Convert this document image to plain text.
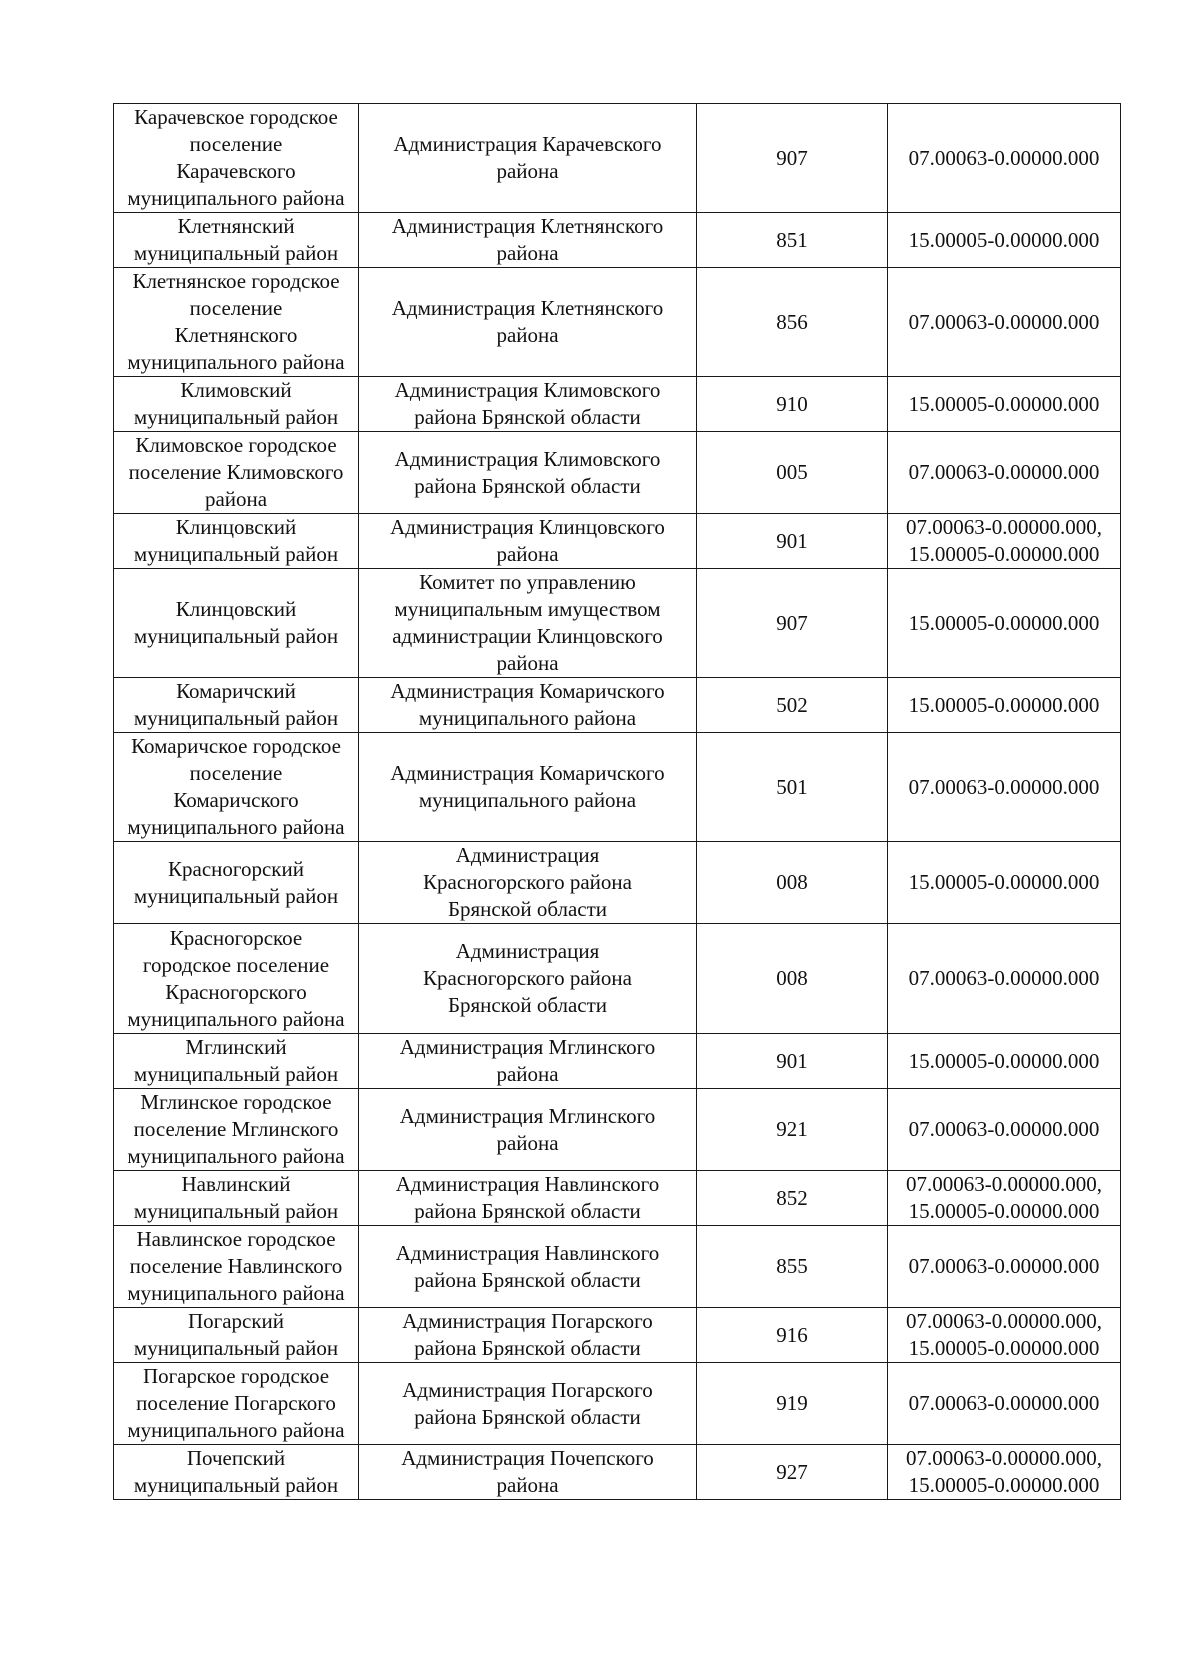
Карачевское городское
поселение
Карачевского
муниципального района	Администрация Карачевского
района	907	07.00063-0.00000.000

Клетнянский
муниципальный район	Администрация Клетнянского
района	851	15.00005-0.00000.000

Клетнянское городское
поселение
Клетнянского
муниципального района	Администрация Клетнянского
района	856	07.00063-0.00000.000

Климовский
муниципальный район	Администрация Климовского
района Брянской области	910	15.00005-0.00000.000

Климовское городское
поселение Климовского
района	Администрация Климовского
района Брянской области	005	07.00063-0.00000.000

Клинцовский
муниципальный район	Администрация Клинцовского
района	901	07.00063-0.00000.000,
15.00005-0.00000.000

Клинцовский
муниципальный район	Комитет по управлению
муниципальным имуществом
администрации Клинцовского
района	907	15.00005-0.00000.000

Комаричский
муниципальный район	Администрация Комаричского
муниципального района	502	15.00005-0.00000.000

Комаричское городское
поселение
Комаричского
муниципального района	Администрация Комаричского
муниципального района	501	07.00063-0.00000.000

Красногорский
муниципальный район	Администрация
Красногорского района
Брянской области	008	15.00005-0.00000.000

Красногорское
городское поселение
Красногорского
муниципального района	Администрация
Красногорского района
Брянской области	008	07.00063-0.00000.000

Мглинский
муниципальный район	Администрация Мглинского
района	901	15.00005-0.00000.000

Мглинское городское
поселение Мглинского
муниципального района	Администрация Мглинского
района	921	07.00063-0.00000.000

Навлинский
муниципальный район	Администрация Навлинского
района Брянской области	852	07.00063-0.00000.000,
15.00005-0.00000.000

Навлинское городское
поселение Навлинского
муниципального района	Администрация Навлинского
района Брянской области	855	07.00063-0.00000.000

Погарский
муниципальный район	Администрация Погарского
района Брянской области	916	07.00063-0.00000.000,
15.00005-0.00000.000

Погарское городское
поселение Погарского
муниципального района	Администрация Погарского
района Брянской области	919	07.00063-0.00000.000

Почепский
муниципальный район	Администрация Почепского
района	927	07.00063-0.00000.000,
15.00005-0.00000.000
